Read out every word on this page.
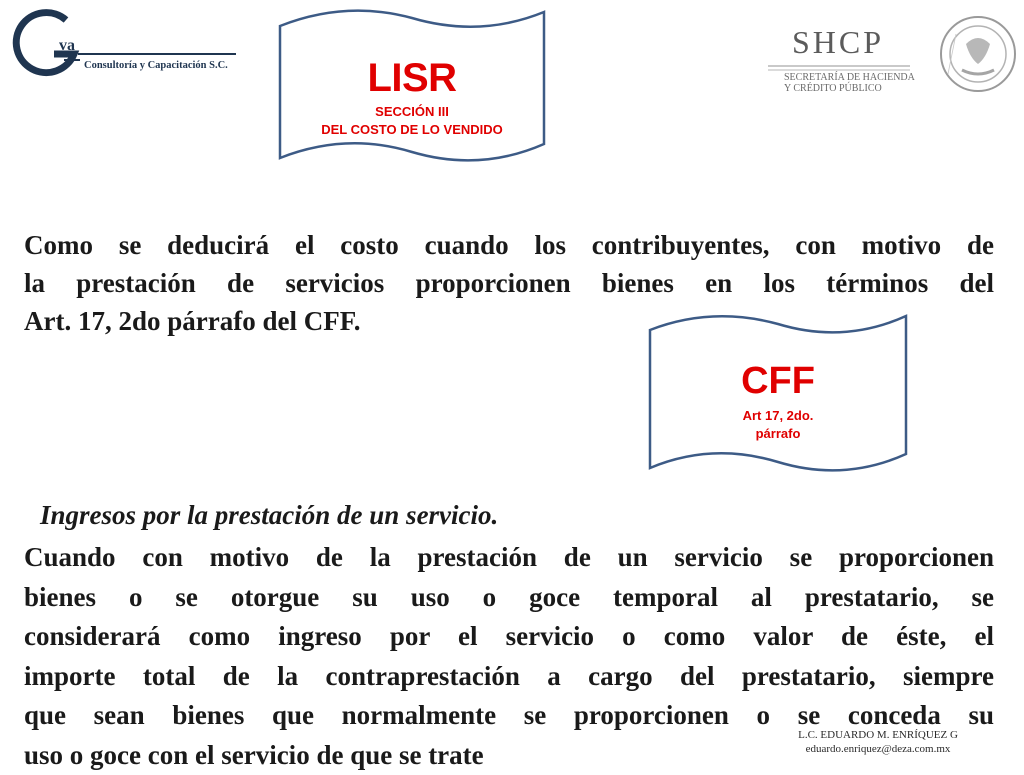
va
Consultoría y Capacitación S.C.	LISR
SECCIÓN III
DEL COSTO DE LO VENDIDO
SHCP
SECRETARÍA DE HACIENDA
Y CRÉDITO PÚBLICO
Como se deducirá el costo cuando los contribuyentes, con motivo de
la prestación de servicios proporcionen bienes en los términos del
Art. 17, 2do párrafo del CFF.
CFF
Art 17, 2do.
párrafo
Ingresos por la prestación de un servicio.
Cuando con motivo de la prestación de un servicio se proporcionen
bienes o se otorgue su uso o goce temporal al prestatario, se
considerará como ingreso por el servicio o como valor de éste, el
importe total de la contraprestación a cargo del prestatario, siempre
que sean bienes que normalmente se proporcionen o se conceda su
uso o goce con el servicio de que se trate
L.C. EDUARDO M. ENRÍQUEZ G
eduardo.enriquez@deza.com.mx
